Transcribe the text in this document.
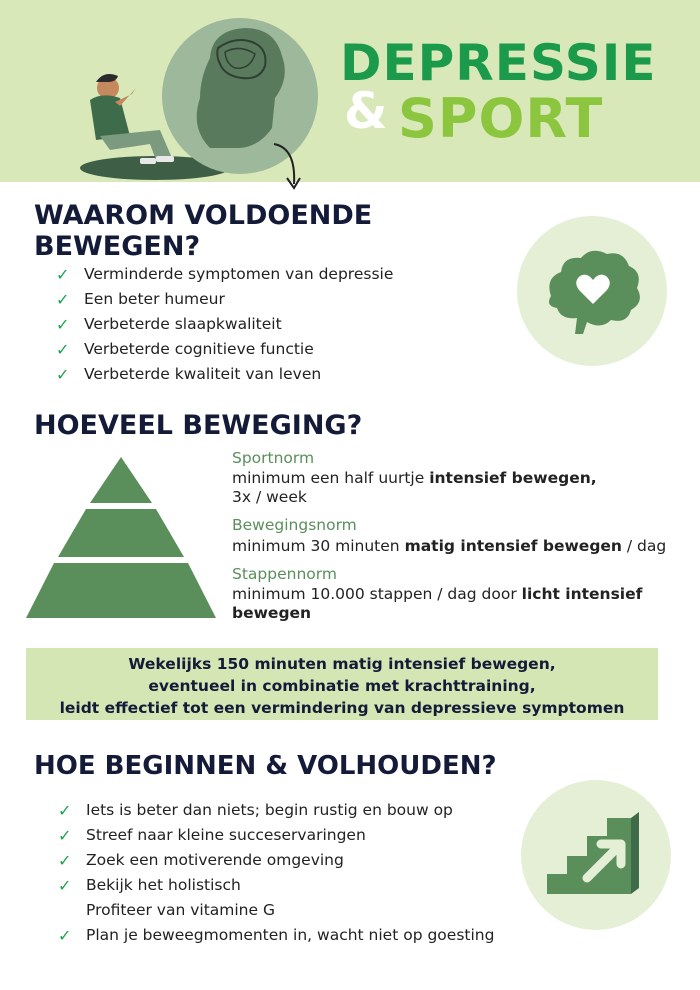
DEPRESSIE
& SPORT
WAAROM VOLDOENDE
BEWEGEN?
✓ Verminderde symptomen van depressie
✓ Een beter humeur
✓ Verbeterde slaapkwaliteit
✓ Verbeterde cognitieve functie
✓ Verbeterde kwaliteit van leven
HOEVEEL BEWEGING?
Sportnorm
minimum een half uurtje intensief bewegen,
3x / week
Bewegingsnorm
minimum 30 minuten matig intensief bewegen / dag
Stappennorm
minimum 10.000 stappen / dag door licht intensief
bewegen
Wekelijks 150 minuten matig intensief bewegen,
eventueel in combinatie met krachttraining,
leidt effectief tot een vermindering van depressieve symptomen
HOE BEGINNEN & VOLHOUDEN?
✓ Iets is beter dan niets; begin rustig en bouw op
✓ Streef naar kleine succeservaringen
✓ Zoek een motiverende omgeving
✓ Bekijk het holistisch
Profiteer van vitamine G
✓ Plan je beweegmomenten in, wacht niet op goesting
